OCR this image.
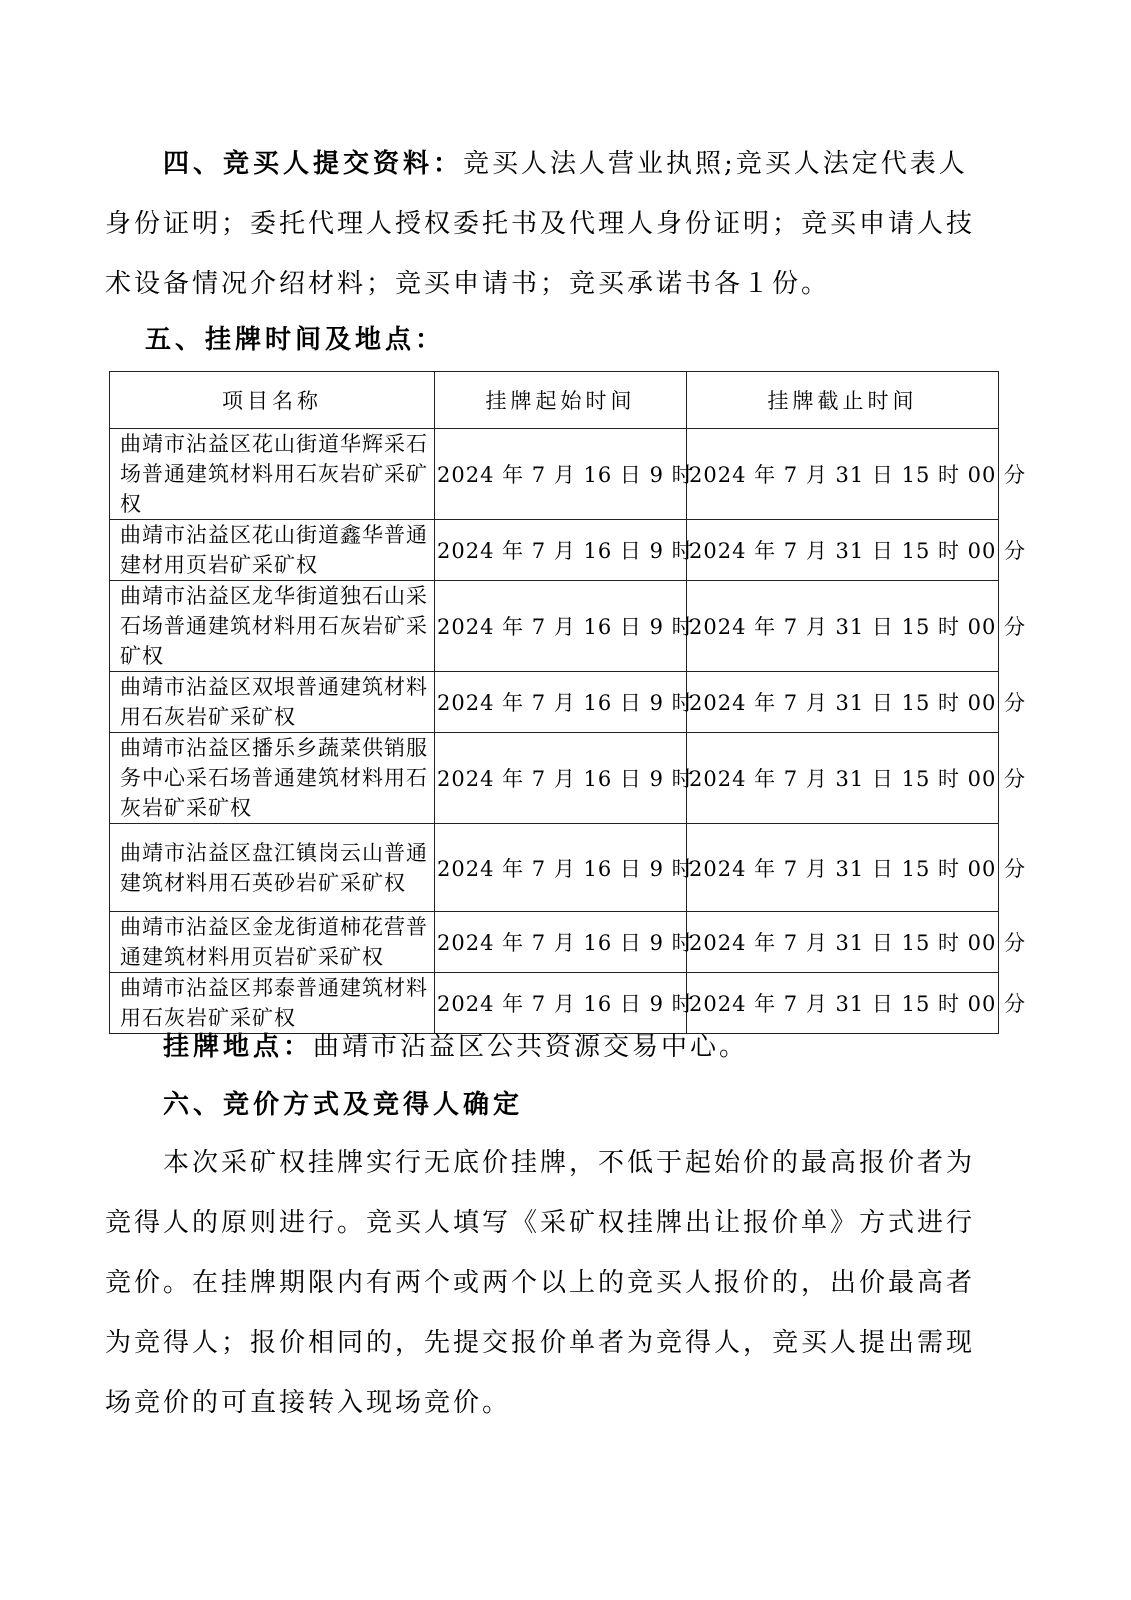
四、竞买人提交资料：竞买人法人营业执照;竞买人法定代表人身份证明；委托代理人授权委托书及代理人身份证明；竞买申请人技术设备情况介绍材料；竞买申请书；竞买承诺书各１份。

五、挂牌时间及地点：

项目名称	挂牌起始时间	挂牌截止时间
曲靖市沾益区花山街道华辉采石场普通建筑材料用石灰岩矿采矿权	2024 年 7 月 16 日 9 时	2024 年 7 月 31 日 15 时 00 分
曲靖市沾益区花山街道鑫华普通建材用页岩矿采矿权	2024 年 7 月 16 日 9 时	2024 年 7 月 31 日 15 时 00 分
曲靖市沾益区龙华街道独石山采石场普通建筑材料用石灰岩矿采矿权	2024 年 7 月 16 日 9 时	2024 年 7 月 31 日 15 时 00 分
曲靖市沾益区双垠普通建筑材料用石灰岩矿采矿权	2024 年 7 月 16 日 9 时	2024 年 7 月 31 日 15 时 00 分
曲靖市沾益区播乐乡蔬菜供销服务中心采石场普通建筑材料用石灰岩矿采矿权	2024 年 7 月 16 日 9 时	2024 年 7 月 31 日 15 时 00 分
曲靖市沾益区盘江镇岗云山普通建筑材料用石英砂岩矿采矿权	2024 年 7 月 16 日 9 时	2024 年 7 月 31 日 15 时 00 分
曲靖市沾益区金龙街道柿花营普通建筑材料用页岩矿采矿权	2024 年 7 月 16 日 9 时	2024 年 7 月 31 日 15 时 00 分
曲靖市沾益区邦泰普通建筑材料用石灰岩矿采矿权	2024 年 7 月 16 日 9 时	2024 年 7 月 31 日 15 时 00 分

挂牌地点：曲靖市沾益区公共资源交易中心。

六、竞价方式及竞得人确定

本次采矿权挂牌实行无底价挂牌，不低于起始价的最高报价者为竞得人的原则进行。竞买人填写《采矿权挂牌出让报价单》方式进行竞价。在挂牌期限内有两个或两个以上的竞买人报价的，出价最高者为竞得人；报价相同的，先提交报价单者为竞得人，竞买人提出需现场竞价的可直接转入现场竞价。
